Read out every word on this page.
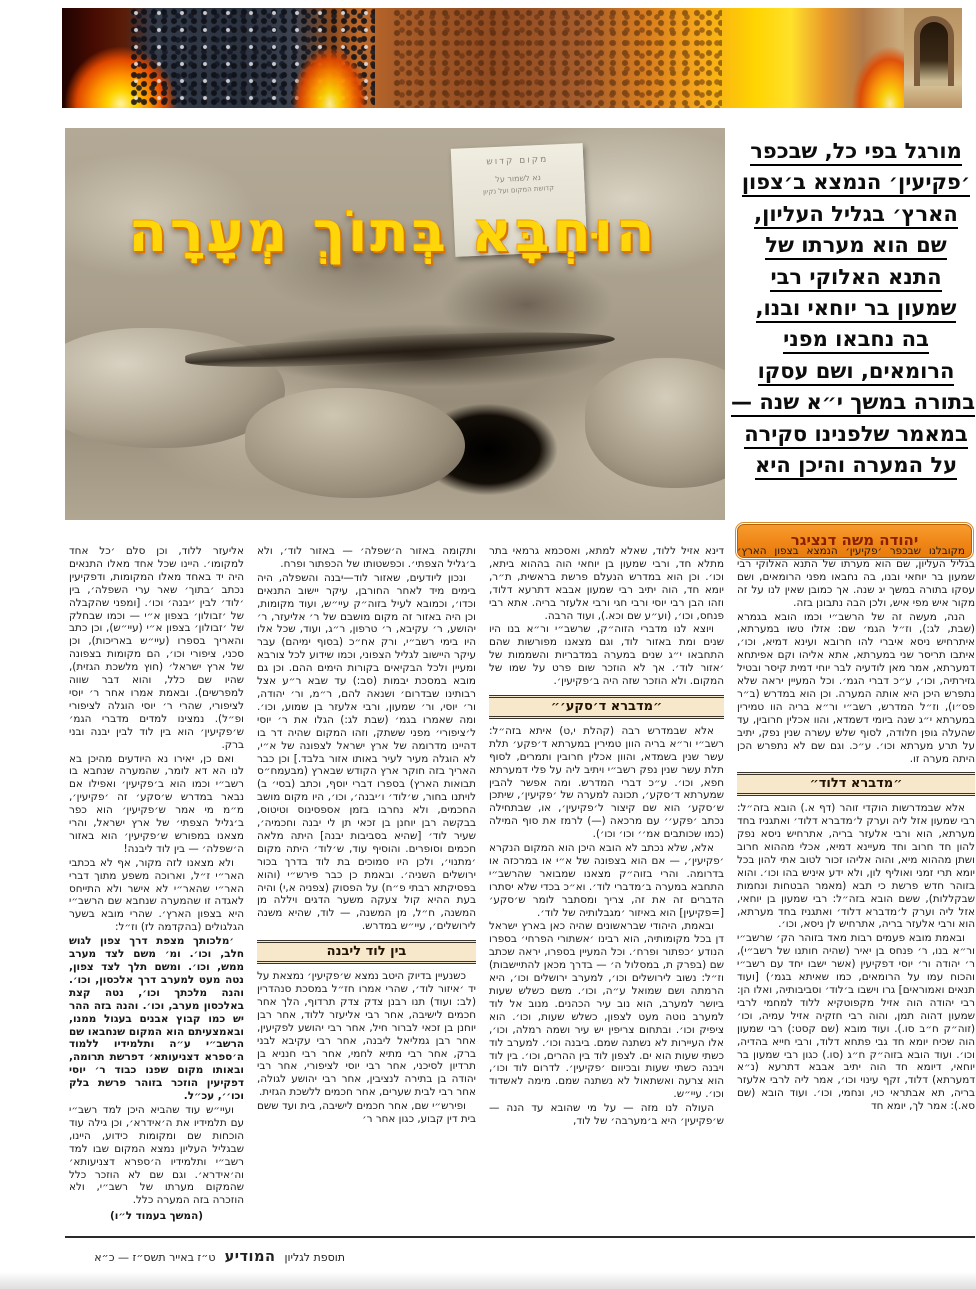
מקום קדוש
נא לשמור על
קדושת המקום ועל נקיון
הוּחְבָּא בְּתוֹךְ מְעָרָה
מורגל בפי כל, שבכפר
׳פקיעין׳ הנמצא ב׳צפון
הארץ׳ בגליל העליון,
שם הוא מערתו של
התנא האלוקי רבי
שמעון בר יוחאי ובנו,
בה נחבאו מפני
הרומאים, ושם עסקו
בתורה במשך י״א שנה —
במאמר שלפנינו סקירה
על המערה והיכן היא
יהודה משה דנציגר

מקובלנו שבכפר ׳פקיעין׳ הנמצא בצפון הארץ׳ בגליל העליון, שם הוא מערתו של התנא האלוקי רבי שמעון בר יוחאי ובנו, בה נחבאו מפני הרומאים, ושם עסקו בתורה במשך יג שנה. אך כמובן שאין לנו על זה מקור איש מפי איש, ולכן הבה נתבונן בזה.

הנה, מעשה זה של הרשב״י וכמו הובא בגמרא (שבת, לג:), וז״ל הגמ׳ שם: אזלו טשו במערתא, איתרחיש ניסא איברי להו חרובא ועינא דמיא, וכו׳, איתבו תריסר שני במערתא, אתא אליהו וקם אפיתחא דמערתא, אמר מאן לודעיה לבר יוחי דמית קיסר ובטיל גזירתיה, וכו׳, ע״כ דברי הגמ׳. וכל המעיין יראה שלא נתפרש היכן היא אותה המערה. וכן הוא במדרש (ב״ר פס״ו), וז״ל המדרש, רשב״י ור״א בריה הוו טמירין במערתא י״ג שנה ביומי דשמדא, והוו אכלין חרובין, עד שהעלה גופן חלודה, לסוף שלש עשרה שנין נפק, יתיב על תרע מערתא וכו׳. ע״כ. וגם שם לא נתפרש הכן היתה מערה זו.

״מדברא דלוד״

אלא שבמדרשות הוקדי זוהר (דף א.) הובא בזה״ל: רבי שמעון אזל ליה וערק ל׳מדברא דלוד׳ ואתגניז בחד מערתא, הוא ורבי אלעזר בריה, אתרחיש ניסא נפק להון חד חרוב וחד מעיינא דמיא, אכלי מההוא חרוב ושתן מההוא מיא, והוה אליהו זכור לטוב אתי להון בכל יומא תרי זמני ואוליף לון, ולא ידע איניש בהו וכו׳. והוא בזוהר חדש פרשת כי תבא (מאמר הבטחות ונחמות שבקללות), ששם הובא בזה״ל: רבי שמעון בן יוחאי, אזל ליה וערק ל׳מדברא דלוד׳ ואתגניז בחד מערתא, הוא ורבי אלעזר בריה, אתרחיש לן ניסא, וכו׳.

ובאמת מובא פעמים רבות מאד בזוהר הק׳ שרשב״י ור״א בנו, ר׳ פנחס בן יאיר (שהיה חותנו של רשב״י), ר׳ יהודה ור׳ יוסי דפקיעין (אשר ישבו יחד עם רשב״י והכוח עמו על הרומאים, כמו שאיתא בגמ׳) [ועוד תנאים ואמוראים] גרו וישבו ב׳לוד׳ וסביבותיה, ואלו הן: רבי יהודה הוה אזיל מקפוטקיא ללוד למחמי לרבי שמעון דהוה תמן, והוה רבי חזקיה אזיל עמיה, וכו׳ (זוה״ק ח״ב סו.). ועוד מובא (שם קסט:) רבי שמעון הוה שכיח יומא חד גבי פתחא דלוד, ורבי חייא בהדיה, וכו׳. ועוד הובא בזוה״ק ח״ג (סו.) כגון רבי שמעון בר יוחאי, דיומא חד הוה יתיב אבבא דתרעא (נ״א דמערתא) דלוד, זקף עינוי וכו׳, אמר ליה לרבי אלעזר בריה, תא אבתראי כוי, ונחמי, וכו׳. ועוד הובא (שם סא.): אמר לך, יומא חד

דינא אזיל ללוד, שאלא למתא, ואסכמא גרמאי בתר מתלא חד, ורבי שמעון בן יוחאי הוה בההוא ביתא, וכו׳. וכן הוא במדרש הנעלם פרשת בראשית, ת״ר, יומא חד, הוה יתיב רבי שמעון אבבא דתרעא דלוד, וזהו הבן רבי יוסי ורבי חגי ורבי אלעזר בריה. אתא רבי פנחס, וכו׳, (וע״ע שם וכא.), ועוד הרבה.

ויוצא לנו מדברי הזוה״ק, שרשב״י ור״א בנו היו שנים ומת באזור לוד, וגם מצאנו מפורשות שהם התחבאו י״ג שנים במערה במדבריות והשממות של ׳אזור לוד׳. אך לא הוזכר שום פרט על שמו של המקום. ולא הוזכר שזה היה ב׳פקיעין׳.

״מדברא ד׳סקע׳״

אלא שבמדרש רבה (קהלת י,ט) איתא בזה״ל: רשב״י ור״א בריה הוון טמירין במערתא ד׳פקע׳ תלת עשר שנין בשמדא, והוון אכלין חרובין ותמרים, לסוף תלת עשר שנין נפק רשב״י ויתיב ליה על פלי דמערתא חפא, וכו׳. ע״כ דברי המדרש. ומה אפשר להבין שמערתא ד׳סקע׳, תכונה למערה של ׳פקיעין׳, שיתכן ש׳סקע׳ הוא שם קיצור ל׳פקיעין׳, או, שבתחילה נכתב ׳פקע׳׳ עם מרכאה (—) לרמז את סוף המילה (כמו שכותבים אמ׳׳ וכו׳ וכו׳).

אלא, שלא נכתב לא הובא היכן הוא המקום הנקרא ׳פקיעין׳, — אם הוא בצפונה של א״י או במרכזה או בדרומה. והרי בזוה״ק מצאנו שמבואר שהרשב״י התחבא במערה ב׳מדברי לוד׳. וא״כ בכדי שלא יסתרו הדברים זה את זה, צריך ומסתבר לומר ש׳סקע׳ [=פקיעין] הוא באיזור ׳מגבלותיה של לוד׳.

ובאמת, היהודי שבראשונים שהיה כאן בארץ ישראל דן בכל מקומותיה, הוא רבינו ׳אשתורי הפרחי׳ בספרו הנודע ׳כפתור ופרח׳. וכל המעיין בספרו, יראה שכתב שם (בפרק ת, במסלול ה׳ — בדרך מכאן להתיישבות) וז״ל: נשוב לירושלים וכו׳, למערב ירושלים וכו׳, היא הרמתה ושם שמואל ע״ה, וכו׳. משם כשלש שעות ביושר למערב, הוא נוב עיר הכהנים. מנוב אל לוד למערב נוטה מעט לצפון, כשלש שעות, וכו׳. הוא ציפיק וכו׳. ובתחום צריפין יש עיר ושמה רמלה, וכו׳, אלו העיירות לא נשתנה שמם. ביבנה וכו׳. למערב לוד כשתי שעות הוא ים. לצפון לוד בין ההרים, וכו׳. בין לוד ויבנה כשתי שעות ובכיוום ׳פקיעין׳. לדרום לוד וכו׳, הוא צרעה ואשתאול לא נשתנה שמם. מימה לאשדוד וכו׳. עיי״ש.

העולה לנו מזה — על מי שהובא עד הנה — ש׳פקיעין׳ היא ב׳מערבה׳ של לוד,

ותקומה באזור ה׳שפלה׳ — באזור לוד׳, ולא ב׳גליל הצפתי׳. וכפשטותו של הכפתור ופרח.

ונכון ליודעים, שאזור לוד—יבנה והשפלה, היה בימים מיד לאחר החורבן, עיקר יישוב התנאים וכדו׳, וכמובא לעיל בזוה״ק עיי״ש, ועוד מקומות, וכן היה באזור זה מקום מושבם של ר׳ אליעזר, ר׳ יהושע, ר׳ עקיבא, ר׳ טרפון, ר״ג, ועוד, שכל אלו היו בימי רשב״י, ורק אח״כ (בסוף ימיהם) עבר עיקר היישוב לגליל הצפוני, וכמו שידוע לכל צורבא ומעיין ולכל הבקיאים בקורות הימים ההם. וכן גם מובא במסכת יבמות (סב:) עד שבא ר״ע אצל רבותינו שבדרום׳ ושנאה להם, ר״מ, ור׳ יהודה, ור׳ יוסי, ור׳ שמעון, ורבי אלעזר בן שמוע, וכו׳. ומה שאמרו בגמ׳ (שבת לג:) הגלו את ר׳ יוסי ל׳ציפורי׳ מפני ששתק, וזהו המקום שהיה דר בו דהיינו מדרומה של ארץ ישראל לצפונה של א״י, לא הוגלה מעיר לעיר באותו אזור בלבד.] וכן כבר האריך בזה חוקר ארץ הקודש שבארץ (מבעמח״ס תבואות הארץ) בספרו דברי יוסף, וכתב (בסי׳ ב) לויתנו בחור, ש׳לוד׳ ו׳יבנה׳, וכו׳, היו מקום מושב החכמים, ולא נחרבו בזמן אספסינוס וטיטוס, בבקשה רבן יוחנן בן זכאי תן לי יבנה וחכמיה׳, שעיר לוד׳ [שהיא בסביבות יבנה] היתה מלאה חכמים וסופרים. והוסיף עוד, ש׳לוד׳ היתה מקום ׳מתנוי׳, ולכן היו סמוכים בת לוד בדרך בכור ירושלים השניה׳. ובאמת כן כבר פירש״י (והוא בפסיקתא רבתי פ״ח) על הפסוק (צפניה א,י) והיה בעת ההיא קול צעקה משער הדגים ויללה מן המשנה, ח״ל, מן המשנה, — לוד, שהיא משנה לירושלים׳, עיי״ש במדרש.

בין לוד ליבנה

כשנעיין בדיוק היטב נמצא ש׳פקיעין׳ נמצאת על יד ׳איזור לוד׳, שהרי אמרו חז״ל במסכת סנהדרין (לב: ועוד) תנו רבנן צדק צדק תרדוף, הלך אחר חכמים לישיבה, אחר רבי אליעזר ללוד, אחר רבן יוחנן בן זכאי לברור חיל, אחר רבי יהושע לפקיעין, אחר רבן גמליאל ליבנה, אחר רבי עקיבא לבני ברק, אחר רבי מתיא לחמי, אחר רבי חנניא בן תרדיון לסיכני, אחר רבי יוסי לציפורי, אחר רבי יהודה בן בתירה לנציבין, אחר רבי יהושע לגולה, אחר רבי לבית שערים, אחר חכמים ללשכת הגזית.

ופירש״י שם, אחר חכמים לישיבה, בית ועד ששם בית דין קבוע, כגון אחר ר׳

אליעזר ללוד, וכן סלם ׳כל אחד למקומו׳. היינו שכל אחד מאלו התנאים היה יד באחד מאלו המקומות, ודפקיעין נכתב ׳בתוך׳ שאר ערי השפלה׳, בין ׳לוד׳ לבין ׳יבנה׳ וכו׳. [ומפני שהקבלה של ׳זבולון׳ בצפון א״י — וכמו שבחלק של ׳זבולון׳ בצפון א״י (עיי״ש), וכן כתב והאריך בספרו (עיי״ש באריכות), וכן סכני, ציפורי וכו׳, הם מקומות בצפונה של ארץ ישראל׳ (חוץ מלשכת הגזית), שהיו שם כלל, והוא דבר שווה למפרשים). ובאמת אמרו אחר ר׳ יוסי לציפורי, שהרי ר׳ יוסי הוגלה לציפורי ופ״ל). נמצינו למדים מדברי הגמ׳ ש׳פקיעין׳ הוא בין לוד לבין יבנה ובני ברק.

ואם כן, יאירו נא היודעים מהיכן בא לנו הא דא לומר, שהמערה שנחבא בו רשב״י וכמו הוא ב׳פקיעין׳ ואפילו אם נבאר במדרש ש׳סקע׳ זה ׳פקיעין׳, מ״מ מי אמר ש׳פקיעין׳ הוא כפר ב׳גליל הצפתי׳ של ארץ ישראל, והרי מצאנו במפורש ש׳פקיעין׳ הוא באזור ה׳שפלה׳ — בין לוד ליבנה!

ולא מצאנו לזה מקור, אף לא בכתבי האר״י ז״ל, וארוכה משפע מתוך דברי האר״י שהאר״י לא אישר ולא התייחס לאגדה זו שהמערה שנחבא שם הרשב״י היא בצפון הארץ׳. שהרי מובא בשער הגלגולים (בהקדמה לז) וז״ל:

׳מלכותך מצפת דרך צפון לגוש חלב, וכו׳. ומ׳ משם לצד מערב ממש, וכו׳. ומשם תלך לצד צפון, נטה מעט למערב דרך אלכסון, וכו׳. והנה מלכתך וכו׳, נטה קצת באלכסון מערב, וכו׳. והנה בזה ההר יש כמו קבוץ אבנים בעגול ממנו, ובאמצעיתם הוא המקום שנחבאו שם הרשב״י ע״ה ותלמידיו ללמוד ה׳ספרא דצניעותא׳ דפרשת תרומה, ובאותו מקום שפנו כבוד ר׳ יוסי דפקיעין הוזכר בזוהר פרשת בלק וכו׳׳, עכ״ל.

ועיי״ש עוד שהביא היכן למד רשב״י עם תלמידיו את ה׳אידרא׳, וכן גילה עוד הוכחות שם ומקומות כידוע, היינו, שבגליל העליון נמצא המקום שבו למד רשב״י ותלמידיו ה׳ספרא דצניעותא׳ וה׳אידרא׳. וגם שם לא הוזכר כלל שהמקום מערתו של רשב״י, ולא הוזכרה בזה המערה כלל.

(המשך בעמוד ל״ו)

תוספת לגליון המודיע ט״ז באייר תשס״ז — כ״א
